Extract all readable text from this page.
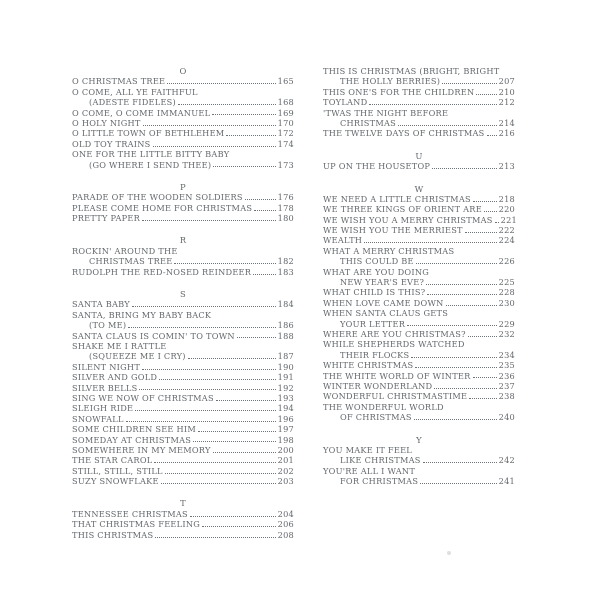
O
O CHRISTMAS TREE	165
O COME, ALL YE FAITHFUL
(ADESTE FIDELES)	168
O COME, O COME IMMANUEL	169
O HOLY NIGHT	170
O LITTLE TOWN OF BETHLEHEM	172
OLD TOY TRAINS	174
ONE FOR THE LITTLE BITTY BABY
(GO WHERE I SEND THEE)	173
P
PARADE OF THE WOODEN SOLDIERS	176
PLEASE COME HOME FOR CHRISTMAS	178
PRETTY PAPER	180
R
ROCKIN' AROUND THE
CHRISTMAS TREE	182
RUDOLPH THE RED-NOSED REINDEER	183
S
SANTA BABY	184
SANTA, BRING MY BABY BACK
(TO ME)	186
SANTA CLAUS IS COMIN' TO TOWN	188
SHAKE ME I RATTLE
(SQUEEZE ME I CRY)	187
SILENT NIGHT	190
SILVER AND GOLD	191
SILVER BELLS	192
SING WE NOW OF CHRISTMAS	193
SLEIGH RIDE	194
SNOWFALL	196
SOME CHILDREN SEE HIM	197
SOMEDAY AT CHRISTMAS	198
SOMEWHERE IN MY MEMORY	200
THE STAR CAROL	201
STILL, STILL, STILL	202
SUZY SNOWFLAKE	203
T
TENNESSEE CHRISTMAS	204
THAT CHRISTMAS FEELING	206
THIS CHRISTMAS	208
THIS IS CHRISTMAS (BRIGHT, BRIGHT
THE HOLLY BERRIES)	207
THIS ONE'S FOR THE CHILDREN	210
TOYLAND	212
'TWAS THE NIGHT BEFORE
CHRISTMAS	214
THE TWELVE DAYS OF CHRISTMAS 216
U
UP ON THE HOUSETOP	213
W
WE NEED A LITTLE CHRISTMAS	218
WE THREE KINGS OF ORIENT ARE 220
WE WISH YOU A MERRY CHRISTMAS 221
WE WISH YOU THE MERRIEST	222
WEALTH	224
WHAT A MERRY CHRISTMAS
THIS COULD BE	226
WHAT ARE YOU DOING
NEW YEAR'S EVE?	225
WHAT CHILD IS THIS?	228
WHEN LOVE CAME DOWN	230
WHEN SANTA CLAUS GETS
YOUR LETTER	229
WHERE ARE YOU CHRISTMAS?	232
WHILE SHEPHERDS WATCHED
THEIR FLOCKS	234
WHITE CHRISTMAS	235
THE WHITE WORLD OF WINTER	236
WINTER WONDERLAND	237
WONDERFUL CHRISTMASTIME	238
THE WONDERFUL WORLD
OF CHRISTMAS	240
Y
YOU MAKE IT FEEL
LIKE CHRISTMAS	242
YOU'RE ALL I WANT
FOR CHRISTMAS	241
